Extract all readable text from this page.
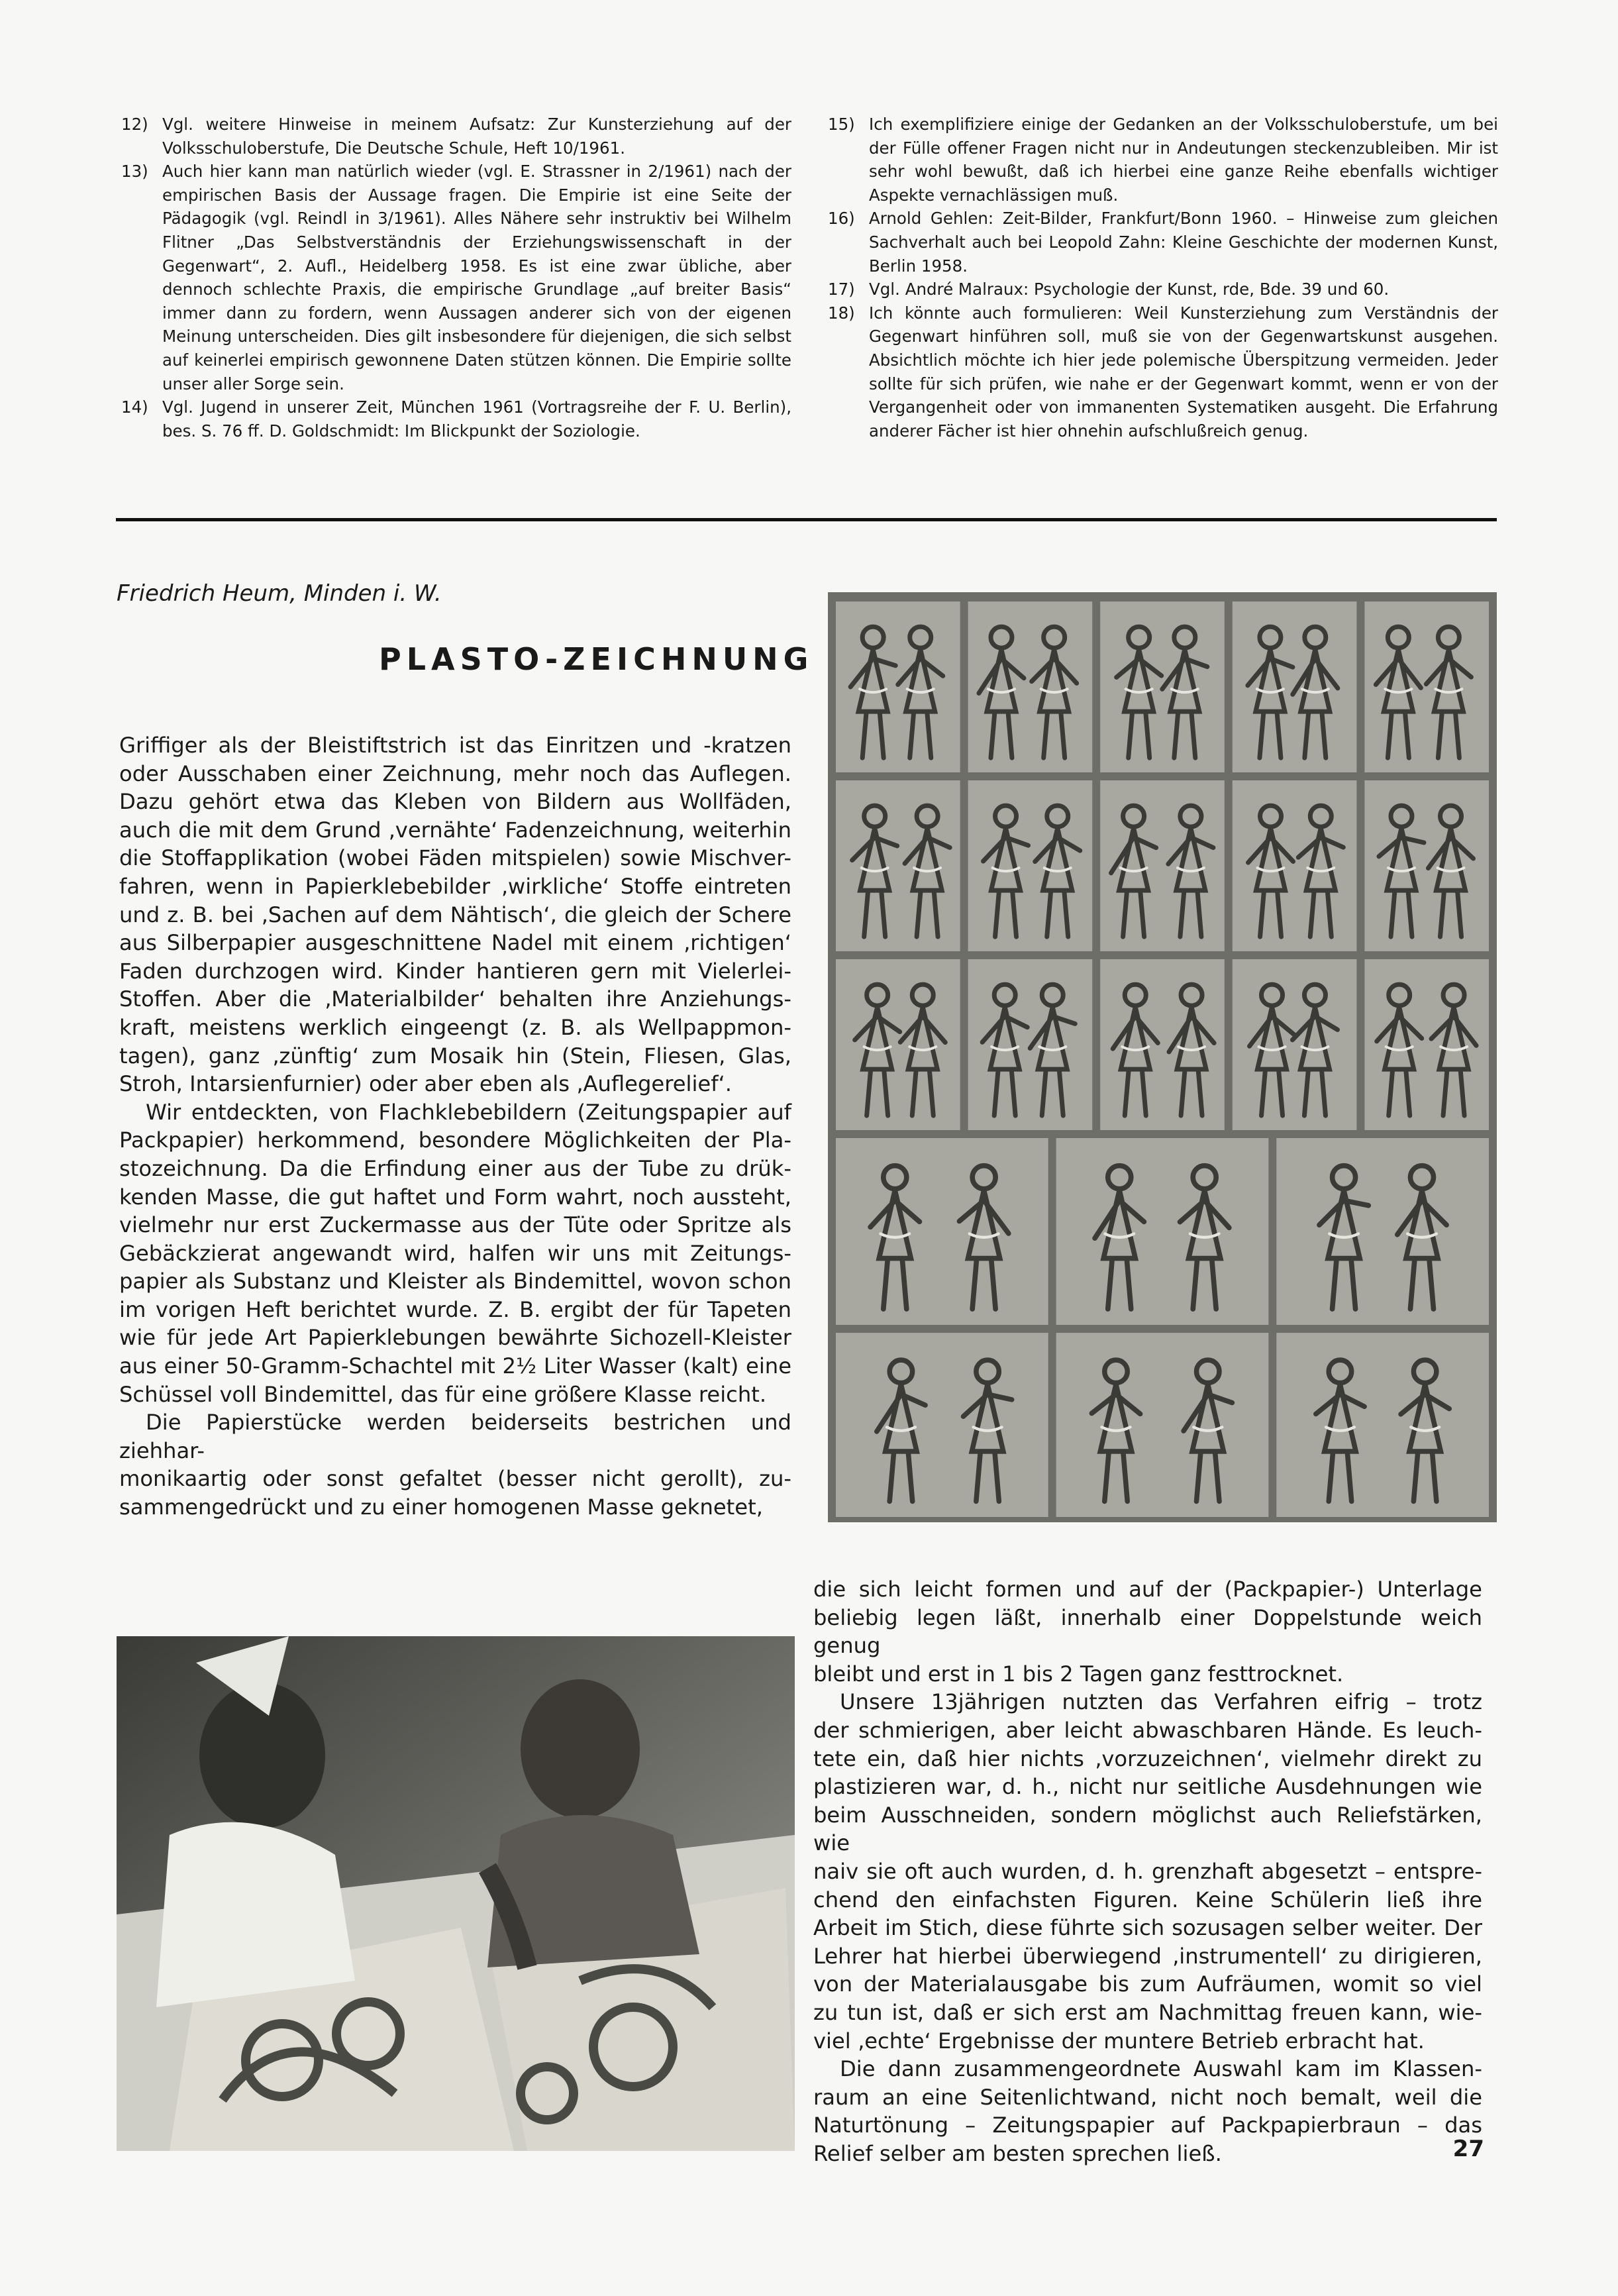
12) Vgl. weitere Hinweise in meinem Aufsatz: Zur Kunsterziehung auf der Volksschuloberstufe, Die Deutsche Schule, Heft 10/1961.
13) Auch hier kann man natürlich wieder (vgl. E. Strassner in 2/1961) nach der empirischen Basis der Aussage fragen. Die Empirie ist eine Seite der Pädagogik (vgl. Reindl in 3/1961). Alles Nähere sehr instruktiv bei Wilhelm Flitner „Das Selbstverständnis der Erziehungswissenschaft in der Gegenwart“, 2. Aufl., Heidelberg 1958. Es ist eine zwar übliche, aber dennoch schlechte Praxis, die empirische Grundlage „auf breiter Basis“ immer dann zu fordern, wenn Aussagen anderer sich von der eigenen Meinung unterscheiden. Dies gilt insbesondere für diejenigen, die sich selbst auf keinerlei empirisch gewonnene Daten stützen können. Die Empirie sollte unser aller Sorge sein.
14) Vgl. Jugend in unserer Zeit, München 1961 (Vortragsreihe der F. U. Berlin), bes. S. 76 ff. D. Goldschmidt: Im Blickpunkt der Soziologie.
15) Ich exemplifiziere einige der Gedanken an der Volksschuloberstufe, um bei der Fülle offener Fragen nicht nur in Andeutungen steckenzubleiben. Mir ist sehr wohl bewußt, daß ich hierbei eine ganze Reihe ebenfalls wichtiger Aspekte vernachlässigen muß.
16) Arnold Gehlen: Zeit-Bilder, Frankfurt/Bonn 1960. – Hinweise zum gleichen Sachverhalt auch bei Leopold Zahn: Kleine Geschichte der modernen Kunst, Berlin 1958.
17) Vgl. André Malraux: Psychologie der Kunst, rde, Bde. 39 und 60.
18) Ich könnte auch formulieren: Weil Kunsterziehung zum Verständnis der Gegenwart hinführen soll, muß sie von der Gegenwartskunst ausgehen. Absichtlich möchte ich hier jede polemische Überspitzung vermeiden. Jeder sollte für sich prüfen, wie nahe er der Gegenwart kommt, wenn er von der Vergangenheit oder von immanenten Systematiken ausgeht. Die Erfahrung anderer Fächer ist hier ohnehin aufschlußreich genug.
Friedrich Heum, Minden i. W.
PLASTO-ZEICHNUNG
Griffiger als der Bleistiftstrich ist das Einritzen und -kratzen
oder Ausschaben einer Zeichnung, mehr noch das Auflegen.
Dazu gehört etwa das Kleben von Bildern aus Wollfäden,
auch die mit dem Grund ‚vernähte‘ Fadenzeichnung, weiterhin
die Stoffapplikation (wobei Fäden mitspielen) sowie Mischver-
fahren, wenn in Papierklebebilder ‚wirkliche‘ Stoffe eintreten
und z. B. bei ‚Sachen auf dem Nähtisch‘, die gleich der Schere
aus Silberpapier ausgeschnittene Nadel mit einem ‚richtigen‘
Faden durchzogen wird. Kinder hantieren gern mit Vielerlei-
Stoffen. Aber die ‚Materialbilder‘ behalten ihre Anziehungs-
kraft, meistens werklich eingeengt (z. B. als Wellpappmon-
tagen), ganz ‚zünftig‘ zum Mosaik hin (Stein, Fliesen, Glas,
Stroh, Intarsienfurnier) oder aber eben als ‚Auflegerelief‘.
Wir entdeckten, von Flachklebebildern (Zeitungspapier auf
Packpapier) herkommend, besondere Möglichkeiten der Pla-
stozeichnung. Da die Erfindung einer aus der Tube zu drük-
kenden Masse, die gut haftet und Form wahrt, noch aussteht,
vielmehr nur erst Zuckermasse aus der Tüte oder Spritze als
Gebäckzierat angewandt wird, halfen wir uns mit Zeitungs-
papier als Substanz und Kleister als Bindemittel, wovon schon
im vorigen Heft berichtet wurde. Z. B. ergibt der für Tapeten
wie für jede Art Papierklebungen bewährte Sichozell-Kleister
aus einer 50-Gramm-Schachtel mit 2½ Liter Wasser (kalt) eine
Schüssel voll Bindemittel, das für eine größere Klasse reicht.
Die Papierstücke werden beiderseits bestrichen und ziehhar-
monikaartig oder sonst gefaltet (besser nicht gerollt), zu-
sammengedrückt und zu einer homogenen Masse geknetet,
die sich leicht formen und auf der (Packpapier-) Unterlage
beliebig legen läßt, innerhalb einer Doppelstunde weich genug
bleibt und erst in 1 bis 2 Tagen ganz festtrocknet.
Unsere 13jährigen nutzten das Verfahren eifrig – trotz
der schmierigen, aber leicht abwaschbaren Hände. Es leuch-
tete ein, daß hier nichts ‚vorzuzeichnen‘, vielmehr direkt zu
plastizieren war, d. h., nicht nur seitliche Ausdehnungen wie
beim Ausschneiden, sondern möglichst auch Reliefstärken, wie
naiv sie oft auch wurden, d. h. grenzhaft abgesetzt – entspre-
chend den einfachsten Figuren. Keine Schülerin ließ ihre
Arbeit im Stich, diese führte sich sozusagen selber weiter. Der
Lehrer hat hierbei überwiegend ‚instrumentell‘ zu dirigieren,
von der Materialausgabe bis zum Aufräumen, womit so viel
zu tun ist, daß er sich erst am Nachmittag freuen kann, wie-
viel ‚echte‘ Ergebnisse der muntere Betrieb erbracht hat.
Die dann zusammengeordnete Auswahl kam im Klassen-
raum an eine Seitenlichtwand, nicht noch bemalt, weil die
Naturtönung – Zeitungspapier auf Packpapierbraun – das
Relief selber am besten sprechen ließ.	27
